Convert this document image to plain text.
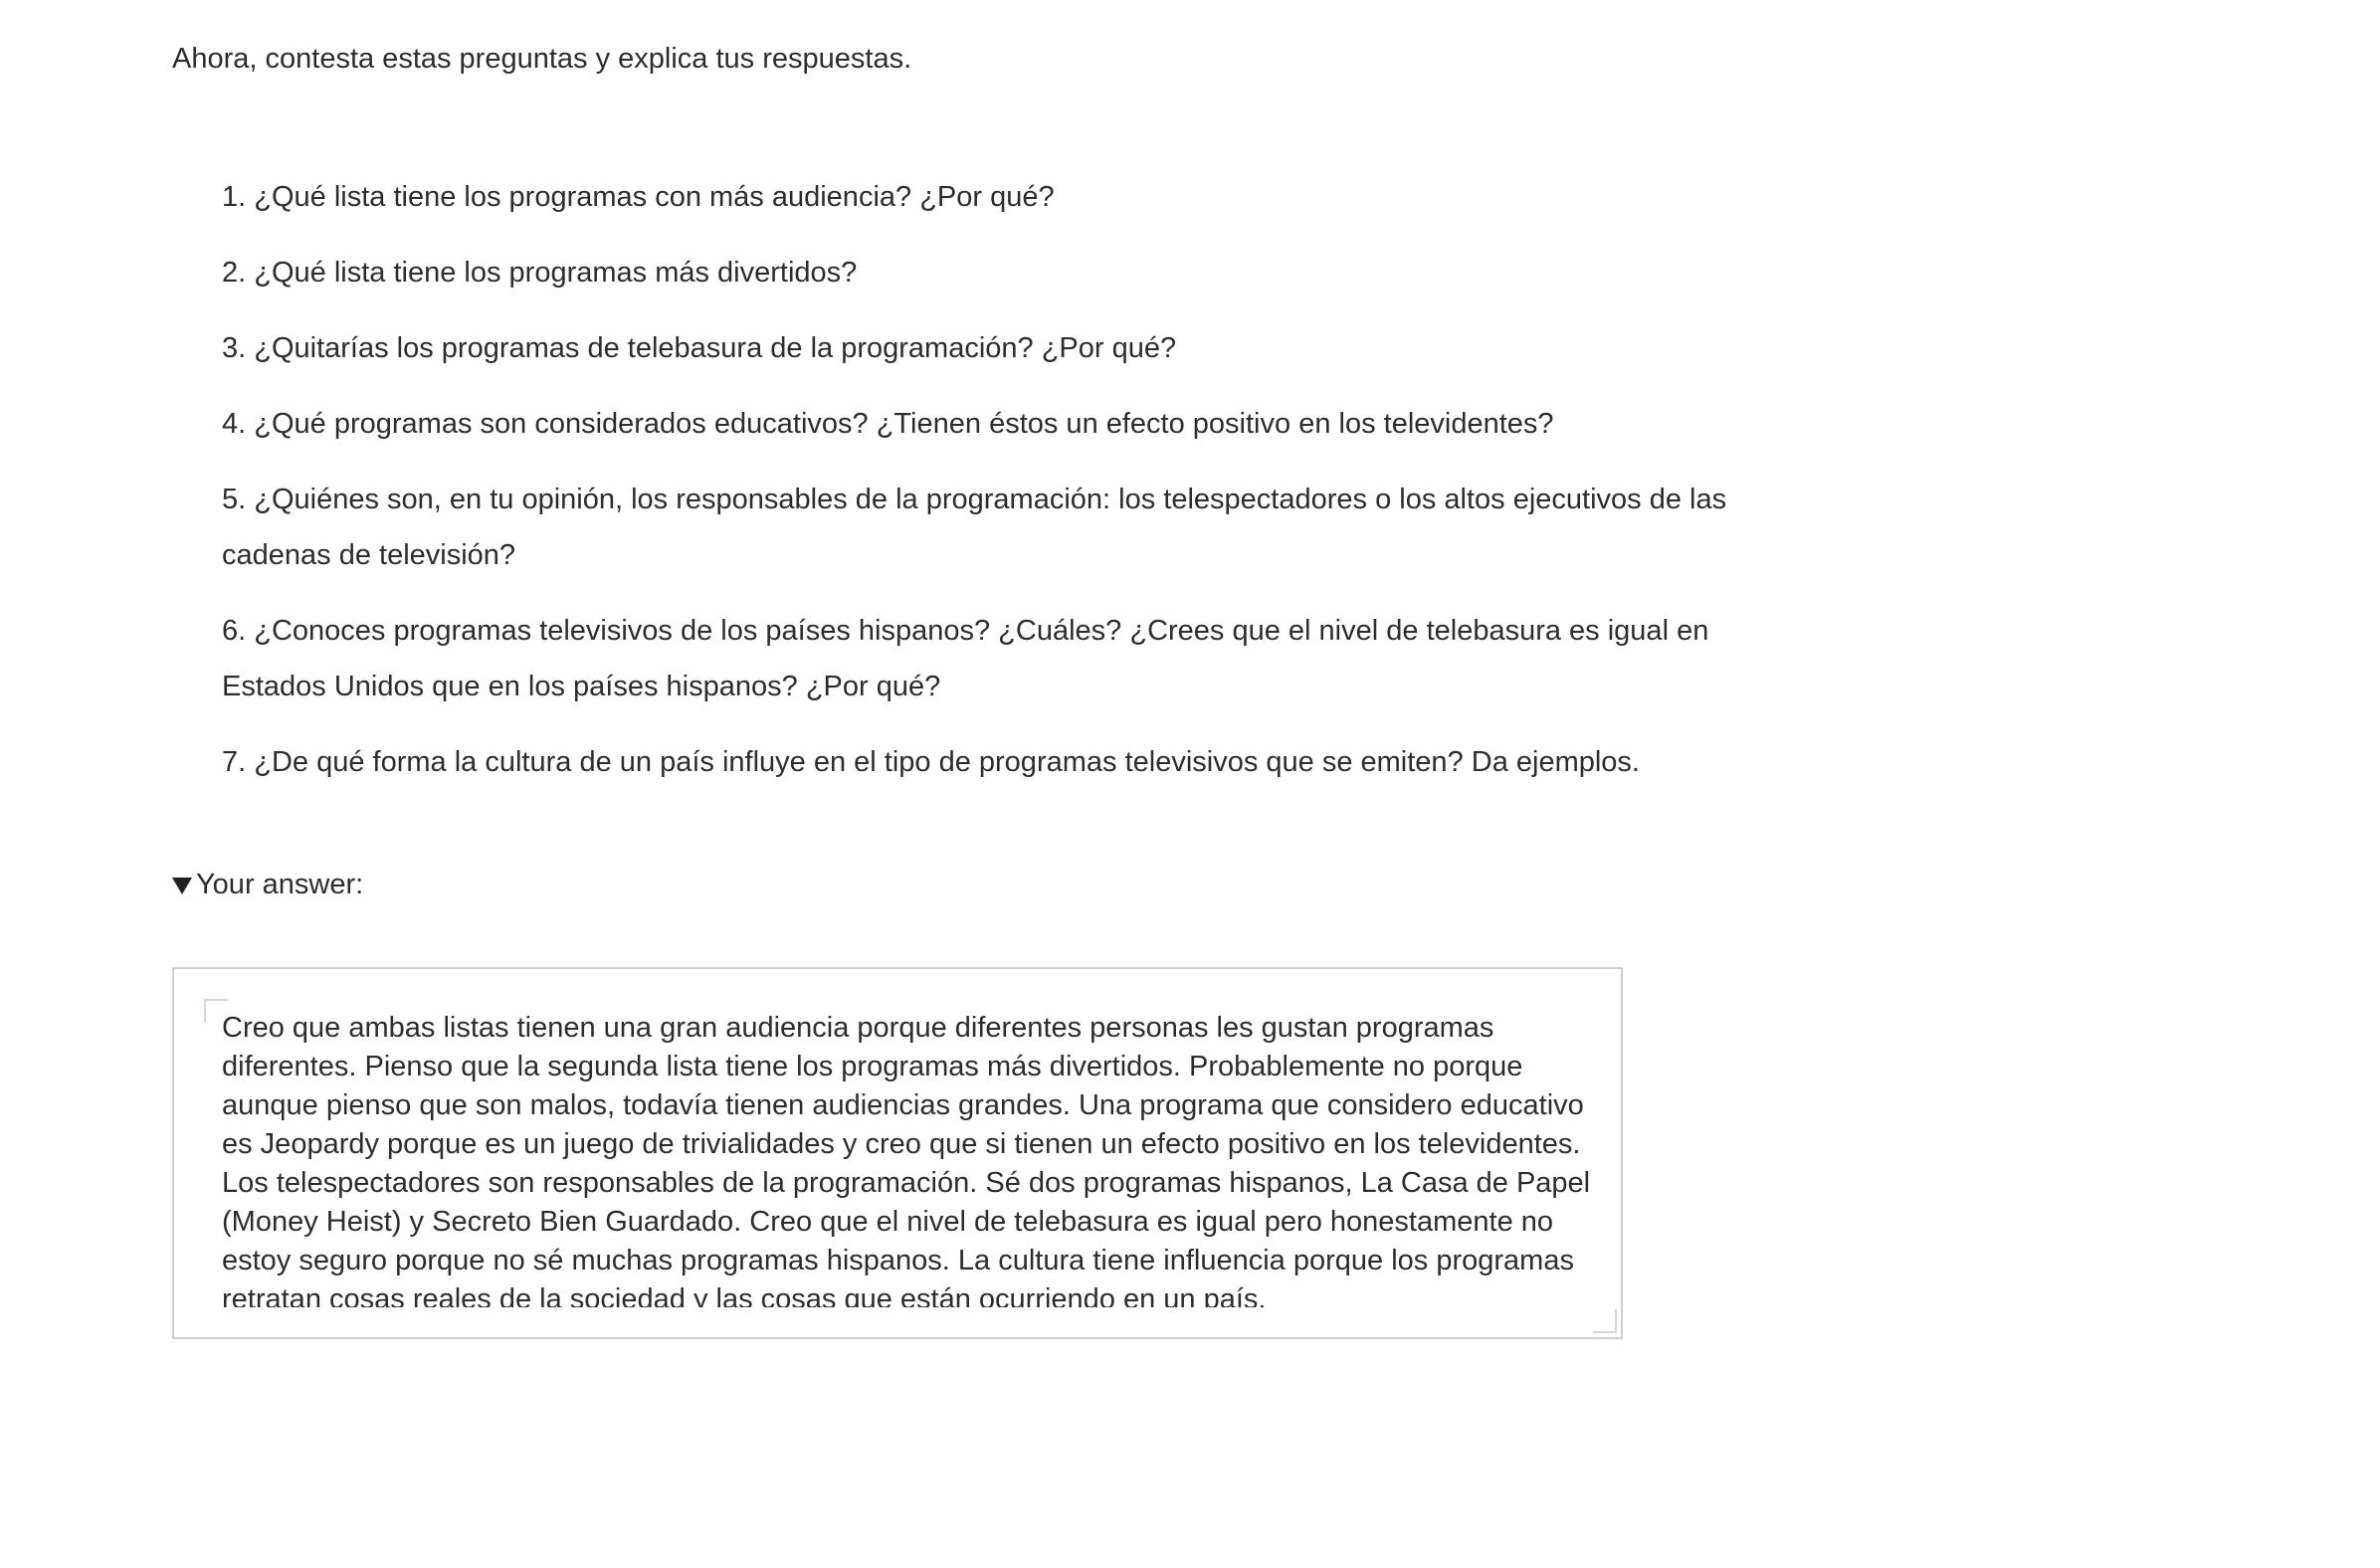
Ahora, contesta estas preguntas y explica tus respuestas.

1. ¿Qué lista tiene los programas con más audiencia? ¿Por qué?
2. ¿Qué lista tiene los programas más divertidos?
3. ¿Quitarías los programas de telebasura de la programación? ¿Por qué?
4. ¿Qué programas son considerados educativos? ¿Tienen éstos un efecto positivo en los televidentes?
5. ¿Quiénes son, en tu opinión, los responsables de la programación: los telespectadores o los altos ejecutivos de las cadenas de televisión?
6. ¿Conoces programas televisivos de los países hispanos? ¿Cuáles? ¿Crees que el nivel de telebasura es igual en Estados Unidos que en los países hispanos? ¿Por qué?
7. ¿De qué forma la cultura de un país influye en el tipo de programas televisivos que se emiten? Da ejemplos.
Your answer:
Creo que ambas listas tienen una gran audiencia porque diferentes personas les gustan programas diferentes. Pienso que la segunda lista tiene los programas más divertidos. Probablemente no porque aunque pienso que son malos, todavía tienen audiencias grandes. Una programa que considero educativo es Jeopardy porque es un juego de trivialidades y creo que si tienen un efecto positivo en los televidentes. Los telespectadores son responsables de la programación. Sé dos programas hispanos, La Casa de Papel (Money Heist) y Secreto Bien Guardado. Creo que el nivel de telebasura es igual pero honestamente no estoy seguro porque no sé muchas programas hispanos. La cultura tiene influencia porque los programas retratan cosas reales de la sociedad y las cosas que están ocurriendo en un país.
